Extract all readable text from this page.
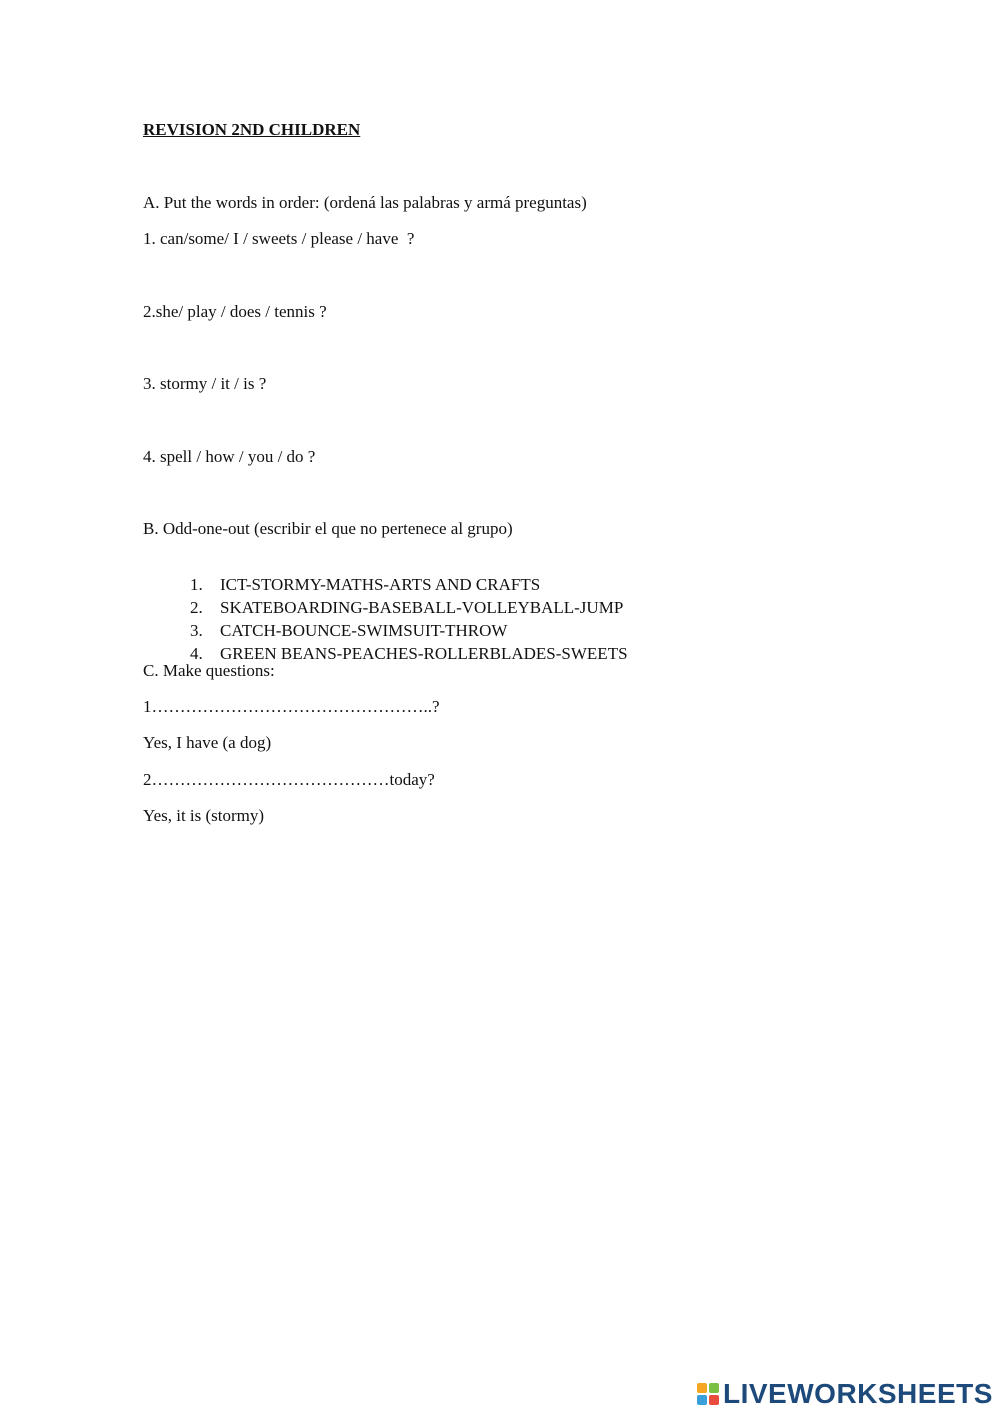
REVISION 2ND CHILDREN
A. Put the words in order: (ordená las palabras y armá preguntas)
1. can/some/ I / sweets / please / have  ?
2.she/ play / does / tennis ?
3. stormy / it / is ?
4. spell / how / you / do ?
B. Odd-one-out (escribir el que no pertenece al grupo)

1. ICT-STORMY-MATHS-ARTS AND CRAFTS

2. SKATEBOARDING-BASEBALL-VOLLEYBALL-JUMP

3. CATCH-BOUNCE-SWIMSUIT-THROW

4. GREEN BEANS-PEACHES-ROLLERBLADES-SWEETS

C. Make questions:
1…………………………………………..?
Yes, I have (a dog)
2……………………………………today?
Yes, it is (stormy)
LIVEWORKSHEETS
